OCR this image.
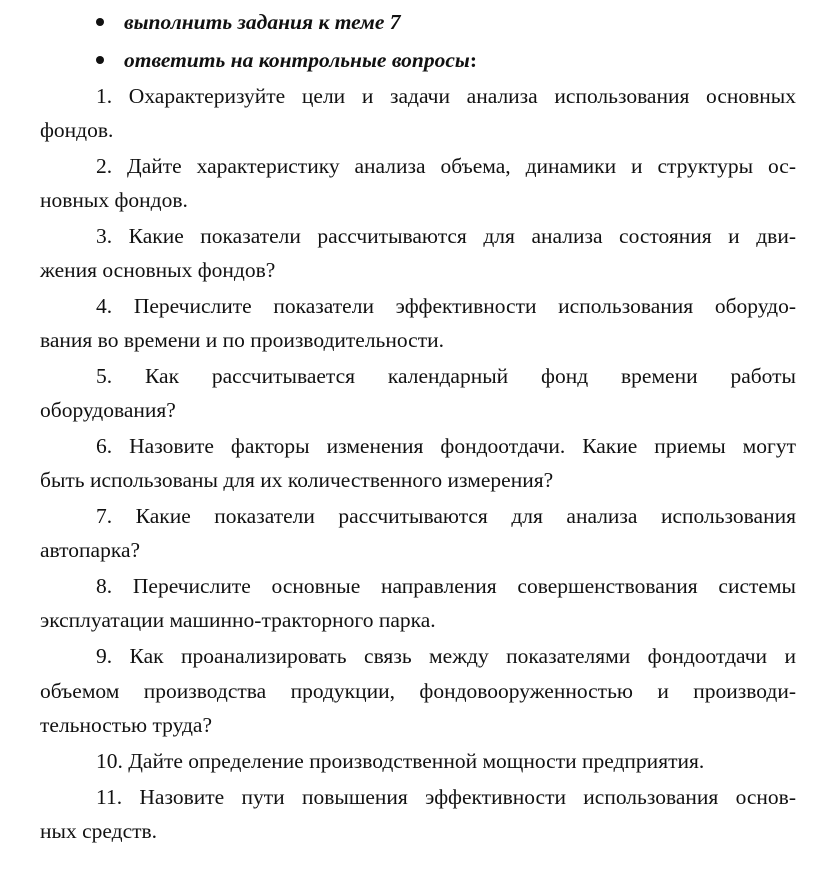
выполнить задания к теме 7
ответить на контрольные вопросы:
1. Охарактеризуйте цели и задачи анализа использования основных
фондов.
2. Дайте характеристику анализа объема, динамики и структуры ос-
новных фондов.
3. Какие показатели рассчитываются для анализа состояния и дви-
жения основных фондов?
4. Перечислите показатели эффективности использования оборудо-
вания во времени и по производительности.
5. Как рассчитывается календарный фонд времени работы
оборудования?
6. Назовите факторы изменения фондоотдачи. Какие приемы могут
быть использованы для их количественного измерения?
7. Какие показатели рассчитываются для анализа использования
автопарка?
8. Перечислите основные направления совершенствования системы
эксплуатации машинно-тракторного парка.
9. Как проанализировать связь между показателями фондоотдачи и
объемом производства продукции, фондовооруженностью и производи-
тельностью труда?
10. Дайте определение производственной мощности предприятия.
11. Назовите пути повышения эффективности использования основ-
ных средств.
